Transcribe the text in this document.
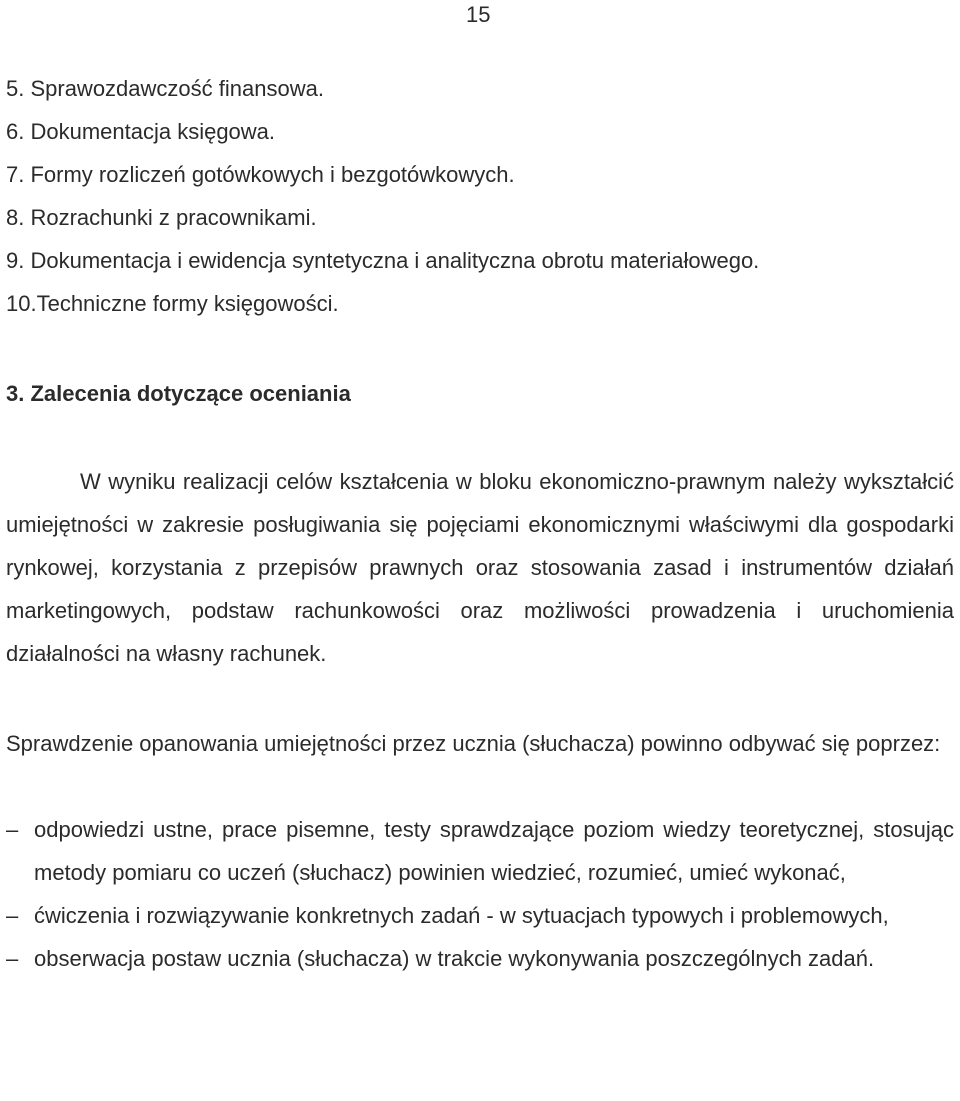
15
5. Sprawozdawczość finansowa.
6. Dokumentacja księgowa.
7. Formy rozliczeń gotówkowych i bezgotówkowych.
8. Rozrachunki z pracownikami.
9. Dokumentacja i ewidencja syntetyczna i analityczna obrotu materiałowego.
10.Techniczne formy księgowości.
3. Zalecenia dotyczące oceniania

W wyniku realizacji celów kształcenia w bloku ekonomiczno-prawnym należy wykształcić umiejętności w zakresie posługiwania się pojęciami ekonomicznymi właściwymi dla gospodarki rynkowej, korzystania z przepisów prawnych oraz stosowania zasad i instrumentów działań marketingowych, podstaw rachunkowości oraz możliwości prowadzenia i uruchomienia działalności na własny rachunek.

Sprawdzenie opanowania umiejętności przez ucznia (słuchacza) powinno odbywać się poprzez:

– odpowiedzi ustne, prace pisemne, testy sprawdzające poziom wiedzy teoretycznej, stosując metody pomiaru co uczeń (słuchacz) powinien wiedzieć, rozumieć, umieć wykonać,
– ćwiczenia i rozwiązywanie konkretnych zadań - w sytuacjach typowych i problemowych,
– obserwacja postaw ucznia (słuchacza) w trakcie wykonywania poszczególnych zadań.
